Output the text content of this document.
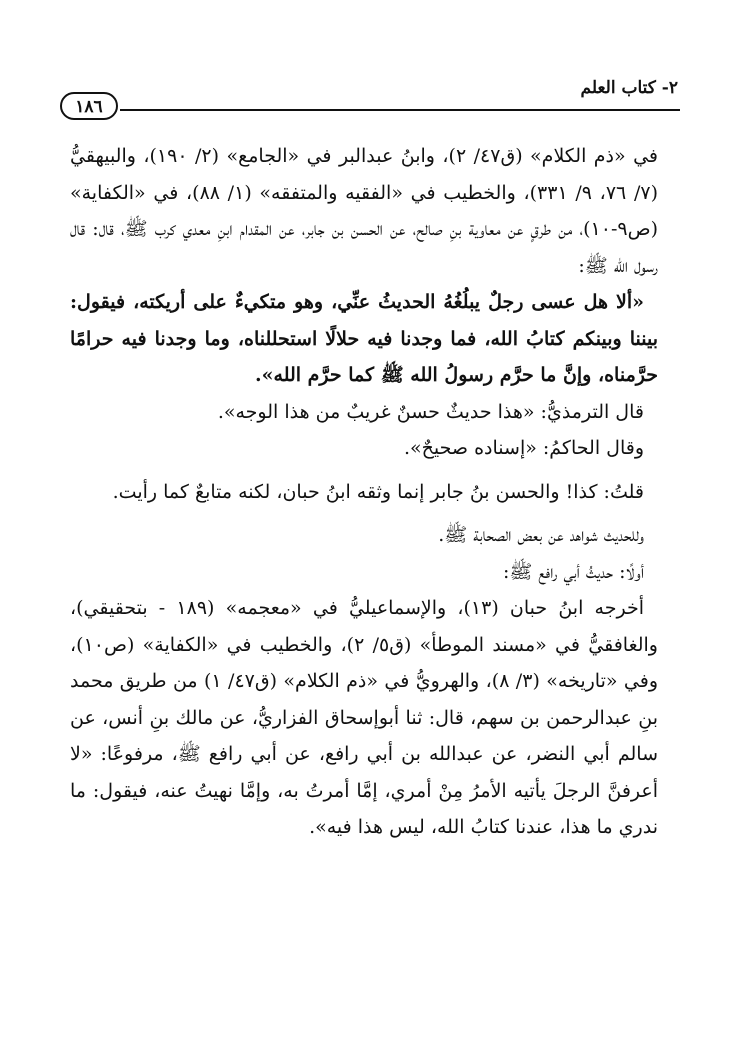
٢- كتاب العلم
١٨٦

في «ذم الكلام» (ق٤٧/ ٢)، وابنُ عبدالبر في «الجامع» (٢/ ١٩٠)، والبيهقيُّ (٧/ ٧٦، ٩/ ٣٣١)، والخطيب في «الفقيه والمتفقه» (١/ ٨٨)، في «الكفاية» (ص٩-١٠)، من طرقٍ عن معاوية بنِ صالح، عن الحسن بن جابر، عن المقدام ابنِ معدي كرب ﷺ، قال: قال رسول الله ﷺ:

«ألا هل عسى رجلٌ يبلُغُهُ الحديثُ عنِّي، وهو متكيءٌ على أريكته، فيقول: بيننا وبينكم كتابُ الله، فما وجدنا فيه حلالًا استحللناه، وما وجدنا فيه حرامًا حرَّمناه، وإنَّ ما حرَّم رسولُ الله ﷺ كما حرَّم الله».

قال الترمذيُّ: «هذا حديثٌ حسنٌ غريبٌ من هذا الوجه».

وقال الحاكمُ: «إسناده صحيحٌ».

قلتُ: كذا! والحسن بنُ جابر إنما وثقه ابنُ حبان، لكنه متابعٌ كما رأيت.

وللحديث شواهد عن بعض الصحابة ﷺ.

أولًا: حديثُ أبي رافع ﷺ:

أخرجه ابنُ حبان (١٣)، والإسماعيليُّ في «معجمه» (١٨٩ - بتحقيقي)، والغافقيُّ في «مسند الموطأ» (ق٥/ ٢)، والخطيب في «الكفاية» (ص١٠)، وفي «تاريخه» (٣/ ٨)، والهرويُّ في «ذم الكلام» (ق٤٧/ ١) من طريق محمد بنِ عبدالرحمن بن سهم، قال: ثنا أبوإسحاق الفزاريُّ، عن مالك بنِ أنس، عن سالم أبي النضر، عن عبدالله بن أبي رافع، عن أبي رافع ﷺ، مرفوعًا: «لا أعرفنَّ الرجلَ يأتيه الأمرُ مِنْ أمري، إمَّا أمرتُ به، وإمَّا نهيتُ عنه، فيقول: ما ندري ما هذا، عندنا كتابُ الله، ليس هذا فيه».
